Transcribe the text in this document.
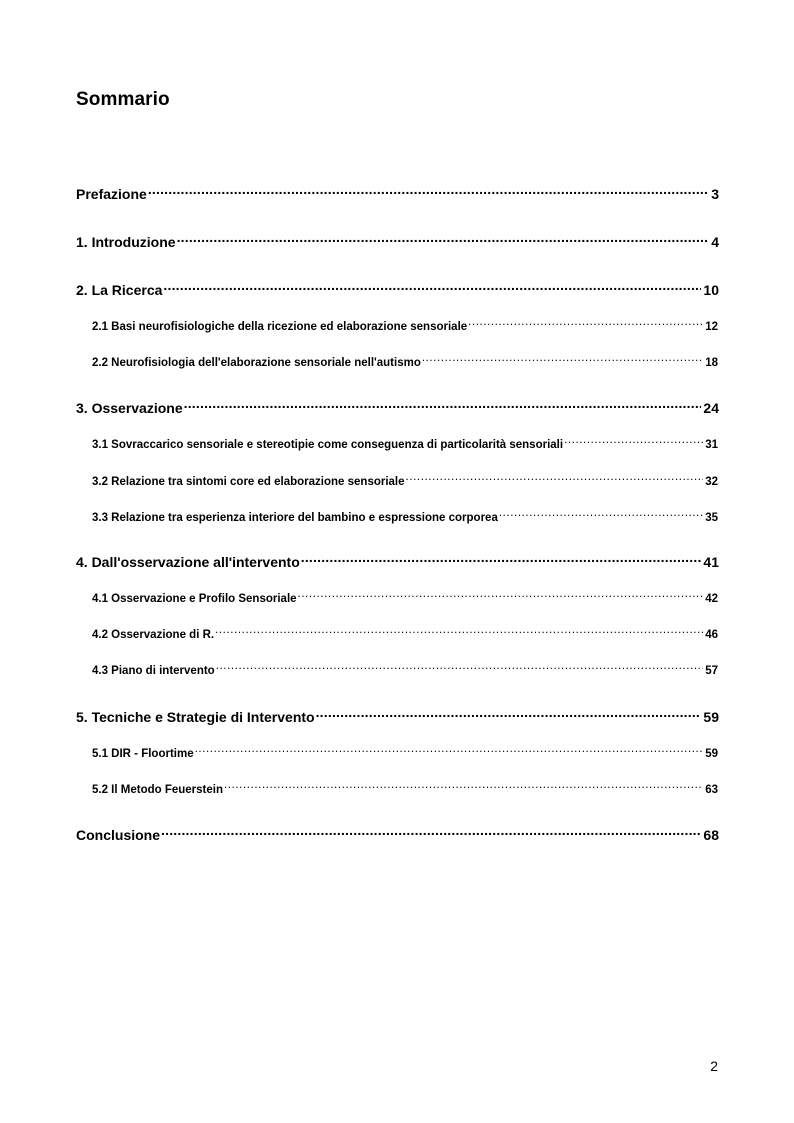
Sommario
Prefazione .....	3
1. Introduzione .....	4
2. La Ricerca .....	10
2.1 Basi neurofisiologiche della ricezione ed elaborazione sensoriale .....	12
2.2 Neurofisiologia dell'elaborazione sensoriale nell'autismo .....	18
3. Osservazione .....	24
3.1 Sovraccarico sensoriale e stereotipie come conseguenza di particolarità sensoriali .....	31
3.2 Relazione tra sintomi core ed elaborazione sensoriale .....	32
3.3 Relazione tra esperienza interiore del bambino e espressione corporea .....	35
4. Dall'osservazione all'intervento .....	41
4.1 Osservazione e Profilo Sensoriale .....	42
4.2 Osservazione di R. .....	46
4.3 Piano di intervento .....	57
5. Tecniche e Strategie di Intervento .....	59
5.1 DIR - Floortime .....	59
5.2 Il Metodo Feuerstein .....	63
Conclusione .....	68
2
